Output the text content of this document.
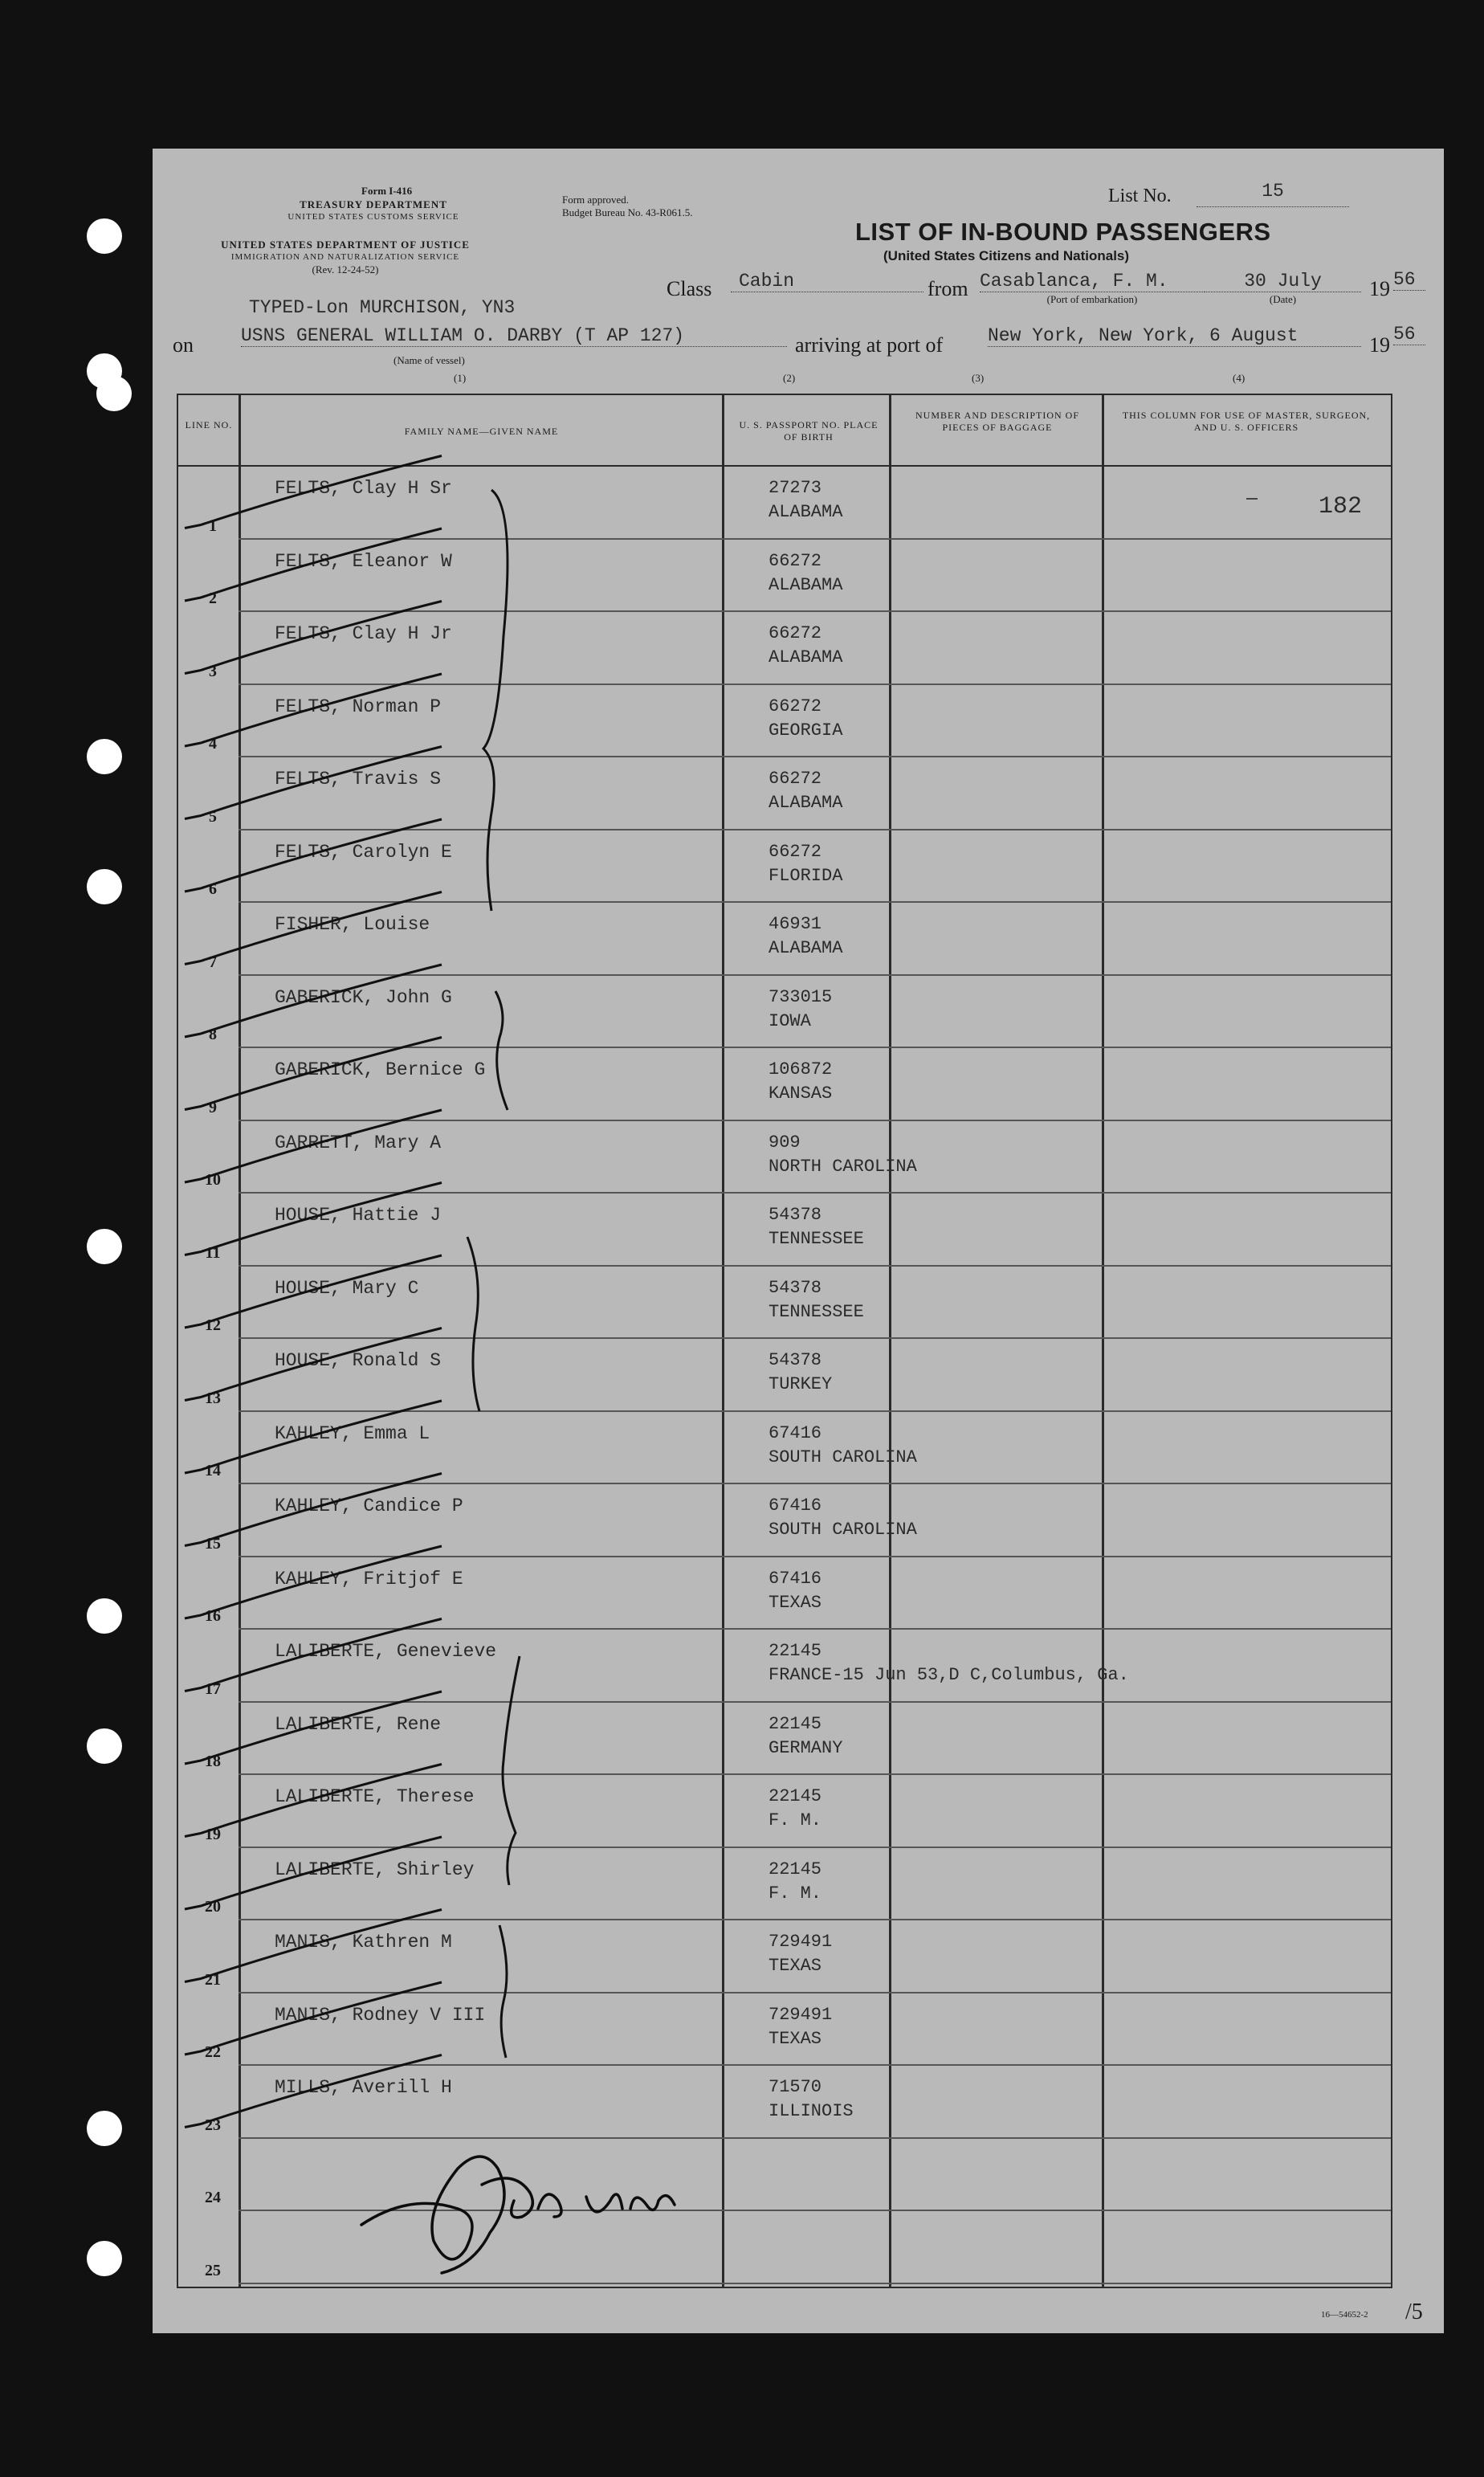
Form I-416
TREASURY DEPARTMENT
UNITED STATES CUSTOMS SERVICE
UNITED STATES DEPARTMENT OF JUSTICE
IMMIGRATION AND NATURALIZATION SERVICE
(Rev. 12-24-52)
Form approved.
Budget Bureau No. 43-R061.5.
List No.	15
LIST OF IN-BOUND PASSENGERS
(United States Citizens and Nationals)
TYPED-Lon MURCHISON, YN3
Class	Cabin	from Casablanca, F. M.
(Port of embarkation)
30 July
(Date)	19 56
on	USNS GENERAL WILLIAM O. DARBY (T AP 127)
(Name of vessel)
arriving at port of New York, New York, 6 August	19 56
(1)	(2)	(3)	(4)
LINE NO.
FAMILY NAME—GIVEN NAME
U. S. PASSPORT NO. PLACE OF BIRTH
NUMBER AND DESCRIPTION OF PIECES OF BAGGAGE
THIS COLUMN FOR USE OF MASTER, SURGEON, AND U. S. OFFICERS
182
1
FELTS, Clay H Sr	27273
ALABAMA
2
FELTS, Eleanor W	66272
ALABAMA
3
FELTS, Clay H Jr	66272
ALABAMA
4
FELTS, Norman P	66272
GEORGIA
5
FELTS, Travis S	66272
ALABAMA
6
FELTS, Carolyn E	66272
FLORIDA
7
FISHER, Louise	46931
ALABAMA
8
GABERICK, John G	733015
IOWA
9
GABERICK, Bernice G	106872
KANSAS
10
GARRETT, Mary A	909
NORTH CAROLINA
11
HOUSE, Hattie J	54378
TENNESSEE
12
HOUSE, Mary C	54378
TENNESSEE
13
HOUSE, Ronald S	54378
TURKEY
14
KAHLEY, Emma L	67416
SOUTH CAROLINA
15
KAHLEY, Candice P	67416
SOUTH CAROLINA
16
KAHLEY, Fritjof E	67416
TEXAS
17
LALIBERTE, Genevieve	22145
FRANCE-15 Jun 53,D C,Columbus, Ga.
18
LALIBERTE, Rene	22145
GERMANY
19
LALIBERTE, Therese	22145
F. M.
20
LALIBERTE, Shirley	22145
F. M.
21
MANIS, Kathren M	729491
TEXAS
22
MANIS, Rodney V III	729491
TEXAS
23
MILLS, Averill H	71570
ILLINOIS
24
25
Lon Murchison
16—54652-2 /5
